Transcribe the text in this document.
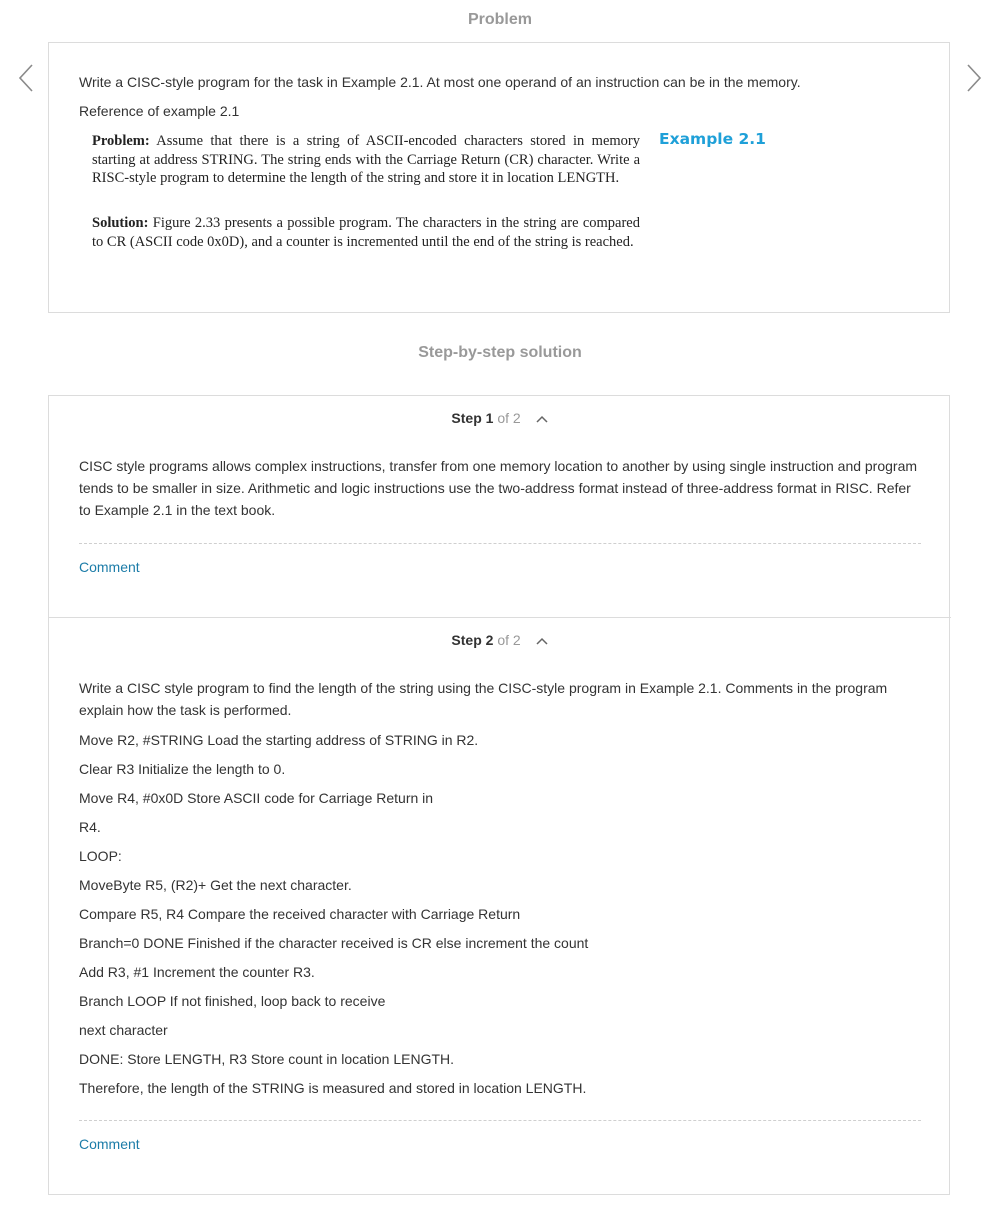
Problem
Write a CISC-style program for the task in Example 2.1. At most one operand of an instruction can be in the memory.
Reference of example 2.1
Problem: Assume that there is a string of ASCII-encoded characters stored in memory starting at address STRING. The string ends with the Carriage Return (CR) character. Write a RISC-style program to determine the length of the string and store it in location LENGTH.
Solution: Figure 2.33 presents a possible program. The characters in the string are compared to CR (ASCII code 0x0D), and a counter is incremented until the end of the string is reached.
Example 2.1
Step-by-step solution
Step 1 of 2
CISC style programs allows complex instructions, transfer from one memory location to another by using single instruction and program tends to be smaller in size. Arithmetic and logic instructions use the two-address format instead of three-address format in RISC. Refer to Example 2.1 in the text book.
Comment
Step 2 of 2
Write a CISC style program to find the length of the string using the CISC-style program in Example 2.1. Comments in the program explain how the task is performed.
Move R2, #STRING Load the starting address of STRING in R2.
Clear R3 Initialize the length to 0.
Move R4, #0x0D Store ASCII code for Carriage Return in
R4.
LOOP:
MoveByte R5, (R2)+ Get the next character.
Compare R5, R4 Compare the received character with Carriage Return
Branch=0 DONE Finished if the character received is CR else increment the count
Add R3, #1 Increment the counter R3.
Branch LOOP If not finished, loop back to receive
next character
DONE: Store LENGTH, R3 Store count in location LENGTH.
Therefore, the length of the STRING is measured and stored in location LENGTH.
Comment
